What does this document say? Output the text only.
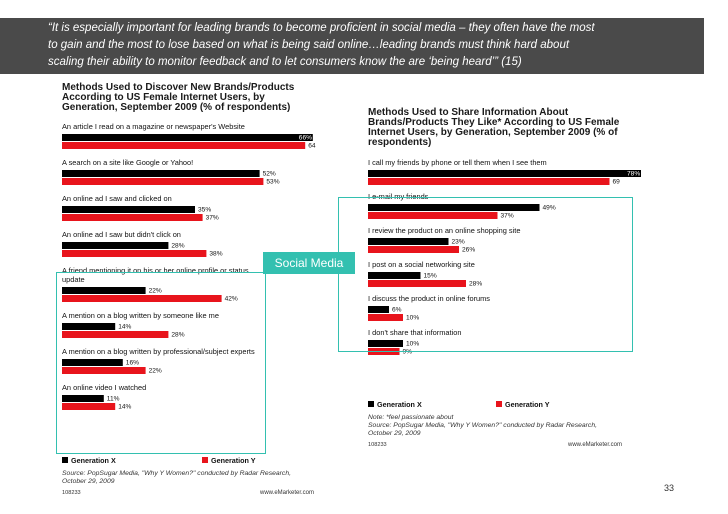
“It is especially important for leading brands to become proficient in social media – they often have the most
to gain and the most to lose based on what is being said online…leading brands must think hard about
scaling their ability to monitor feedback and to let consumers know the are ‘being heard’” (15)
Methods Used to Discover New Brands/Products
According to US Female Internet Users, by
Generation, September 2009 (% of respondents)
An article I read on a magazine or newspaper's Website
66%
64
A search on a site like Google or Yahoo!
52%
53%
An online ad I saw and clicked on
35%
37%
An online ad I saw but didn't click on
28%
38%
A friend mentioning it on his or her online profile or status
update
22%
42%
A mention on a blog written by someone like me
14%
28%
A mention on a blog written by professional/subject experts
16%
22%
An online video I watched
11%
14%
Generation X	Generation Y
Source: PopSugar Media, "Why Y Women?" conducted by Radar Research,
October 29, 2009
108233	www.eMarketer.com
Methods Used to Share Information About
Brands/Products They Like* According to US Female
Internet Users, by Generation, September 2009 (% of
respondents)
I call my friends by phone or tell them when I see them
78%
69
I e-mail my friends
49%
37%
I review the product on an online shopping site
23%
26%
I post on a social networking site
15%
28%
I discuss the product in online forums
6%
10%
I don't share that information
10%
9%
Generation X	Generation Y
Note: *feel passionate about
Source: PopSugar Media, "Why Y Women?" conducted by Radar Research,
October 29, 2009
108233	www.eMarketer.com
Social Media
33
